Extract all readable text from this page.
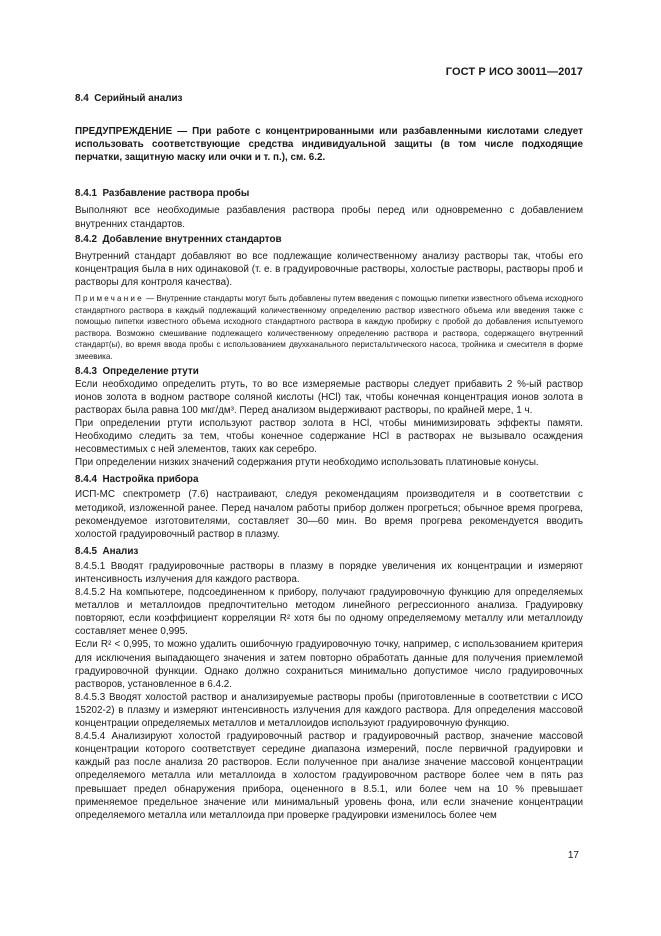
ГОСТ Р ИСО 30011—2017
8.4 Серийный анализ

ПРЕДУПРЕЖДЕНИЕ — При работе с концентрированными или разбавленными кислотами следует использовать соответствующие средства индивидуальной защиты (в том числе подходящие перчатки, защитную маску или очки и т. п.), см. 6.2.

8.4.1 Разбавление раствора пробы

Выполняют все необходимые разбавления раствора пробы перед или одновременно с добавлением внутренних стандартов.

8.4.2 Добавление внутренних стандартов

Внутренний стандарт добавляют во все подлежащие количественному анализу растворы так, чтобы его концентрация была в них одинаковой (т. е. в градуировочные растворы, холостые растворы, растворы проб и растворы для контроля качества).

Примечание — Внутренние стандарты могут быть добавлены путем введения с помощью пипетки известного объема исходного стандартного раствора в каждый подлежащий количественному определению раствор известного объема или введения также с помощью пипетки известного объема исходного стандартного раствора в каждую пробирку с пробой до добавления испытуемого раствора. Возможно смешивание подлежащего количественному определению раствора и раствора, содержащего внутренний стандарт(ы), во время ввода пробы с использованием двухканального перистальтического насоса, тройника и смесителя в форме змеевика.

8.4.3 Определение ртути

Если необходимо определить ртуть, то во все измеряемые растворы следует прибавить 2 %-ый раствор ионов золота в водном растворе соляной кислоты (HCl) так, чтобы конечная концентрация ионов золота в растворах была равна 100 мкг/дм³. Перед анализом выдерживают растворы, по крайней мере, 1 ч.

При определении ртути используют раствор золота в HCl, чтобы минимизировать эффекты памяти. Необходимо следить за тем, чтобы конечное содержание HCl в растворах не вызывало осаждения несовместимых с ней элементов, таких как серебро.

При определении низких значений содержания ртути необходимо использовать платиновые конусы.

8.4.4 Настройка прибора

ИСП-МС спектрометр (7.6) настраивают, следуя рекомендациям производителя и в соответствии с методикой, изложенной ранее. Перед началом работы прибор должен прогреться; обычное время прогрева, рекомендуемое изготовителями, составляет 30—60 мин. Во время прогрева рекомендуется вводить холостой градуировочный раствор в плазму.

8.4.5 Анализ

8.4.5.1 Вводят градуировочные растворы в плазму в порядке увеличения их концентрации и измеряют интенсивность излучения для каждого раствора.

8.4.5.2 На компьютере, подсоединенном к прибору, получают градуировочную функцию для определяемых металлов и металлоидов предпочтительно методом линейного регрессионного анализа. Градуировку повторяют, если коэффициент корреляции R² хотя бы по одному определяемому металлу или металлоиду составляет менее 0,995.

Если R² < 0,995, то можно удалить ошибочную градуировочную точку, например, с использованием критерия для исключения выпадающего значения и затем повторно обработать данные для получения приемлемой градуировочной функции. Однако должно сохраниться минимально допустимое число градуировочных растворов, установленное в 6.4.2.

8.4.5.3 Вводят холостой раствор и анализируемые растворы пробы (приготовленные в соответствии с ИСО 15202-2) в плазму и измеряют интенсивность излучения для каждого раствора. Для определения массовой концентрации определяемых металлов и металлоидов используют градуировочную функцию.

8.4.5.4 Анализируют холостой градуировочный раствор и градуировочный раствор, значение массовой концентрации которого соответствует середине диапазона измерений, после первичной градуировки и каждый раз после анализа 20 растворов. Если полученное при анализе значение массовой концентрации определяемого металла или металлоида в холостом градуировочном растворе более чем в пять раз превышает предел обнаружения прибора, оцененного в 8.5.1, или более чем на 10 % превышает применяемое предельное значение или минимальный уровень фона, или если значение концентрации определяемого металла или металлоида при проверке градуировки изменилось более чем

17
